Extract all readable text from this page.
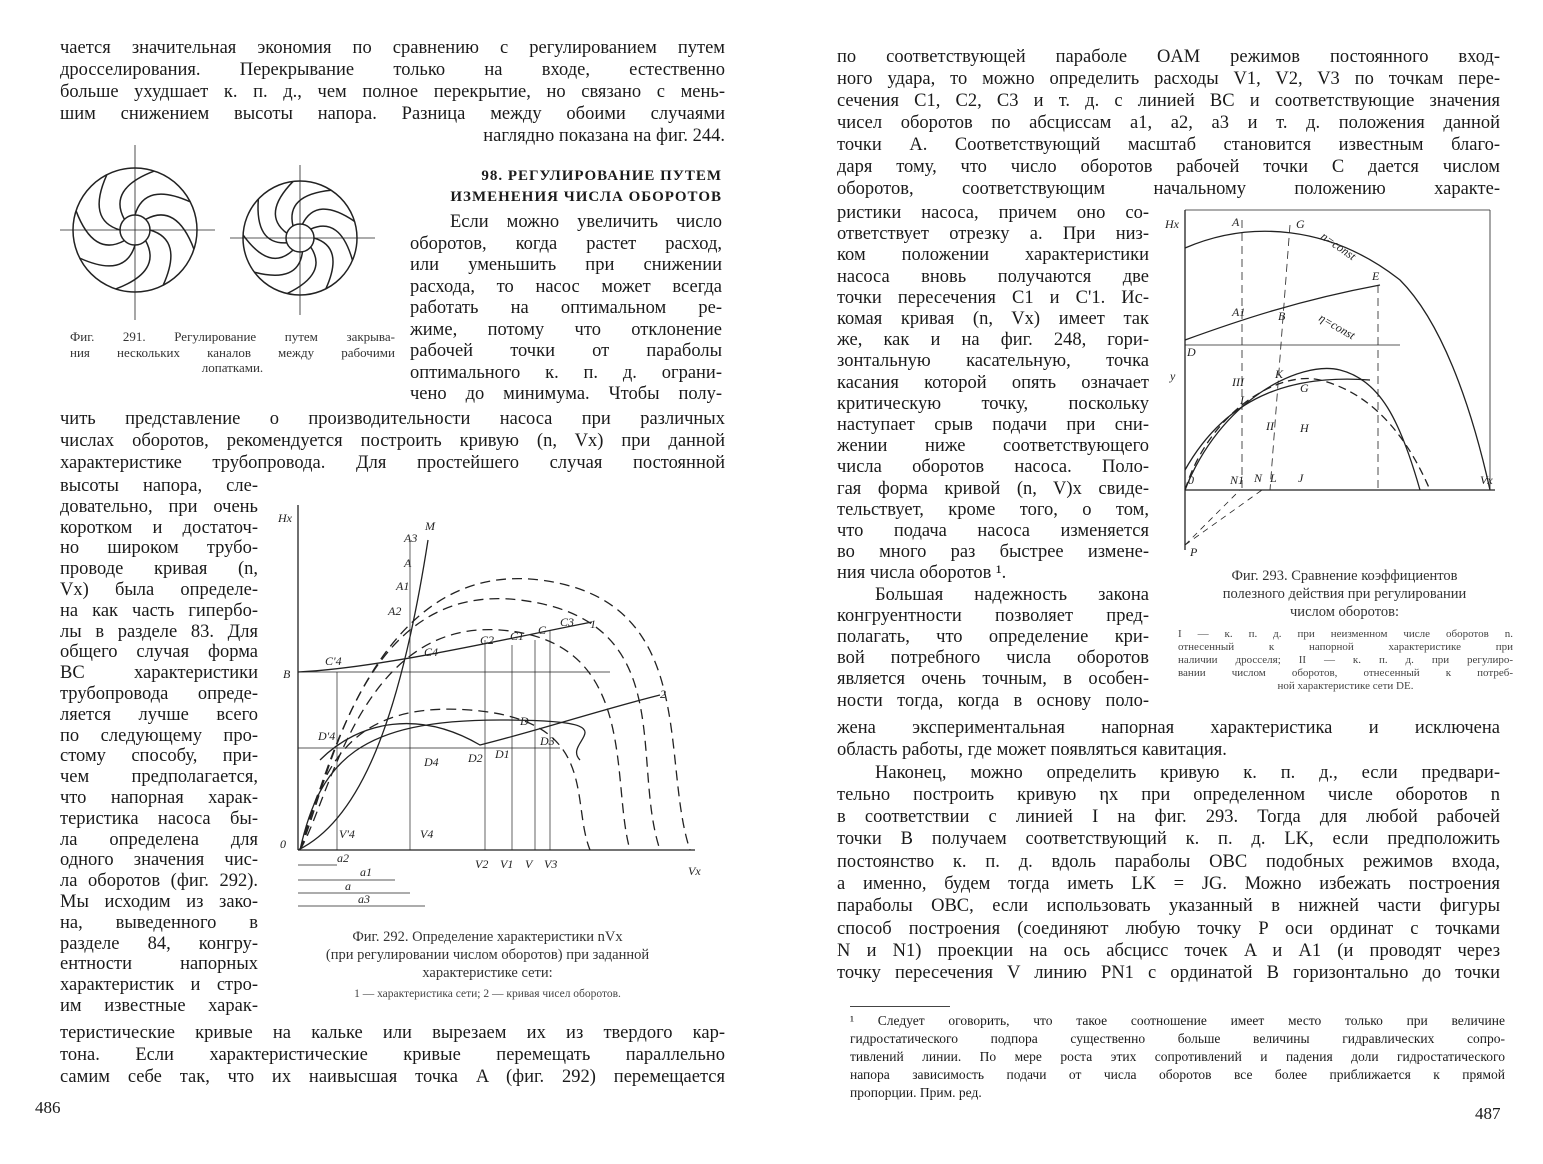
чается значительная экономия по сравнению с регулированием путем
дросселирования. Перекрывание только на входе, естественно
больше ухудшает к. п. д., чем полное перекрытие, но связано с мень-
шим снижением высоты напора. Разница между обоими случаями
наглядно показана на фиг. 244.
98. РЕГУЛИРОВАНИЕ ПУТЕМ
ИЗМЕНЕНИЯ ЧИСЛА ОБОРОТОВ
Если можно увеличить число
оборотов, когда растет расход,
или уменьшить при снижении
расхода, то насос может всегда
работать на оптимальном ре-
жиме, потому что отклонение
рабочей точки от параболы
оптимального к. п. д. ограни-
чено до минимума. Чтобы полу-
Фиг. 291. Регулирование путем закрыва-
ния нескольких каналов между рабочими
лопатками.
чить представление о производительности насоса при различных
числах оборотов, рекомендуется построить кривую (n, Vx) при данной
характеристике трубопровода. Для простейшего случая постоянной
высоты напора, сле-
довательно, при очень
коротком и достаточ-
но широком трубо-
проводе кривая (n,
Vx) была определе-
на как часть гипербо-
лы в разделе 83. Для
общего случая форма
BC характеристики
трубопровода опреде-
ляется лучше всего
по следующему про-
стому способу, при-
чем предполагается,
что напорная харак-
теристика насоса бы-
ла определена для
одного значения чис-
ла оборотов (фиг. 292).
Мы исходим из зако-
на, выведенного в
разделе 84, конгру-
ентности напорных
характеристик и стро-
им известные харак-
теристические кривые на кальке или вырезаем их из твердого кар-
тона. Если характеристические кривые перемещать параллельно
самим себе так, что их наивысшая точка A (фиг. 292) перемещается
Фиг. 292. Определение характеристики nVx
(при регулировании числом оборотов) при заданной
характеристике сети:
1 — характеристика сети; 2 — кривая чисел оборотов.
486
по соответствующей параболе OAM режимов постоянного вход-
ного удара, то можно определить расходы V1, V2, V3 по точкам пере-
сечения C1, C2, C3 и т. д. с линией BC и соответствующие значения
чисел оборотов по абсциссам a1, a2, a3 и т. д. положения данной
точки A. Соответствующий масштаб становится известным благо-
даря тому, что число оборотов рабочей точки C дается числом
оборотов, соответствующим начальному положению характе-
ристики насоса, причем оно со-
ответствует отрезку a. При низ-
ком положении характеристики
насоса вновь получаются две
точки пересечения C1 и C'1. Ис-
комая кривая (n, Vx) имеет так
же, как и на фиг. 248, гори-
зонтальную касательную, точка
касания которой опять означает
критическую точку, поскольку
наступает срыв подачи при сни-
жении ниже соответствующего
числа оборотов насоса. Поло-
гая форма кривой (n, V)x свиде-
тельствует, кроме того, о том,
что подача насоса изменяется
во много раз быстрее измене-
ния числа оборотов ¹.
Большая надежность закона
конгруентности позволяет пред-
полагать, что определение кри-
вой потребного числа оборотов
является очень точным, в особен-
ности тогда, когда в основу поло-
жена экспериментальная напорная характеристика и исключена
область работы, где может появляться кавитация.
Наконец, можно определить кривую к. п. д., если предвари-
тельно построить кривую ηx при определенном числе оборотов n
в соответствии с линией I на фиг. 293. Тогда для любой рабочей
точки B получаем соответствующий к. п. д. LK, если предположить
постоянство к. п. д. вдоль параболы OBC подобных режимов входа,
а именно, будем тогда иметь LK = JG. Можно избежать построения
параболы OBC, если использовать указанный в нижней части фигуры
способ построения (соединяют любую точку P оси ординат с точками
N и N1) проекции на ось абсцисс точек A и A1 (и проводят через
точку пересечения V линию PN1 с ординатой B горизонтально до точки
Фиг. 293. Сравнение коэффициентов
полезного действия при регулировании
числом оборотов:
I — к. п. д. при неизменном числе оборотов n.
отнесенный к напорной характеристике при
наличии дросселя; II — к. п. д. при регулиро-
вании числом оборотов, отнесенный к потреб-
ной характеристике сети DE.
¹ Следует оговорить, что такое соотношение имеет место только при величине
гидростатического подпора существенно больше величины гидравлических сопро-
тивлений линии. По мере роста этих сопротивлений и падения доли гидростатического
напора зависимость подачи от числа оборотов все более приближается к прямой
пропорции. Прим. ред.
487
Hx
M
A3
A
A1
A2
C3
C
C1
C2
1
B
C'4
C4
2
D
D'4
D2 D1
D3
D4
0
V'4	V4
a2
a1
a
a3
V2 V1 V V3	Vx
Hx	A	G
n=const
E
A1	B	η=const
D
y	III
I
K
G
II H
0	N1 N L J	Vx
P
